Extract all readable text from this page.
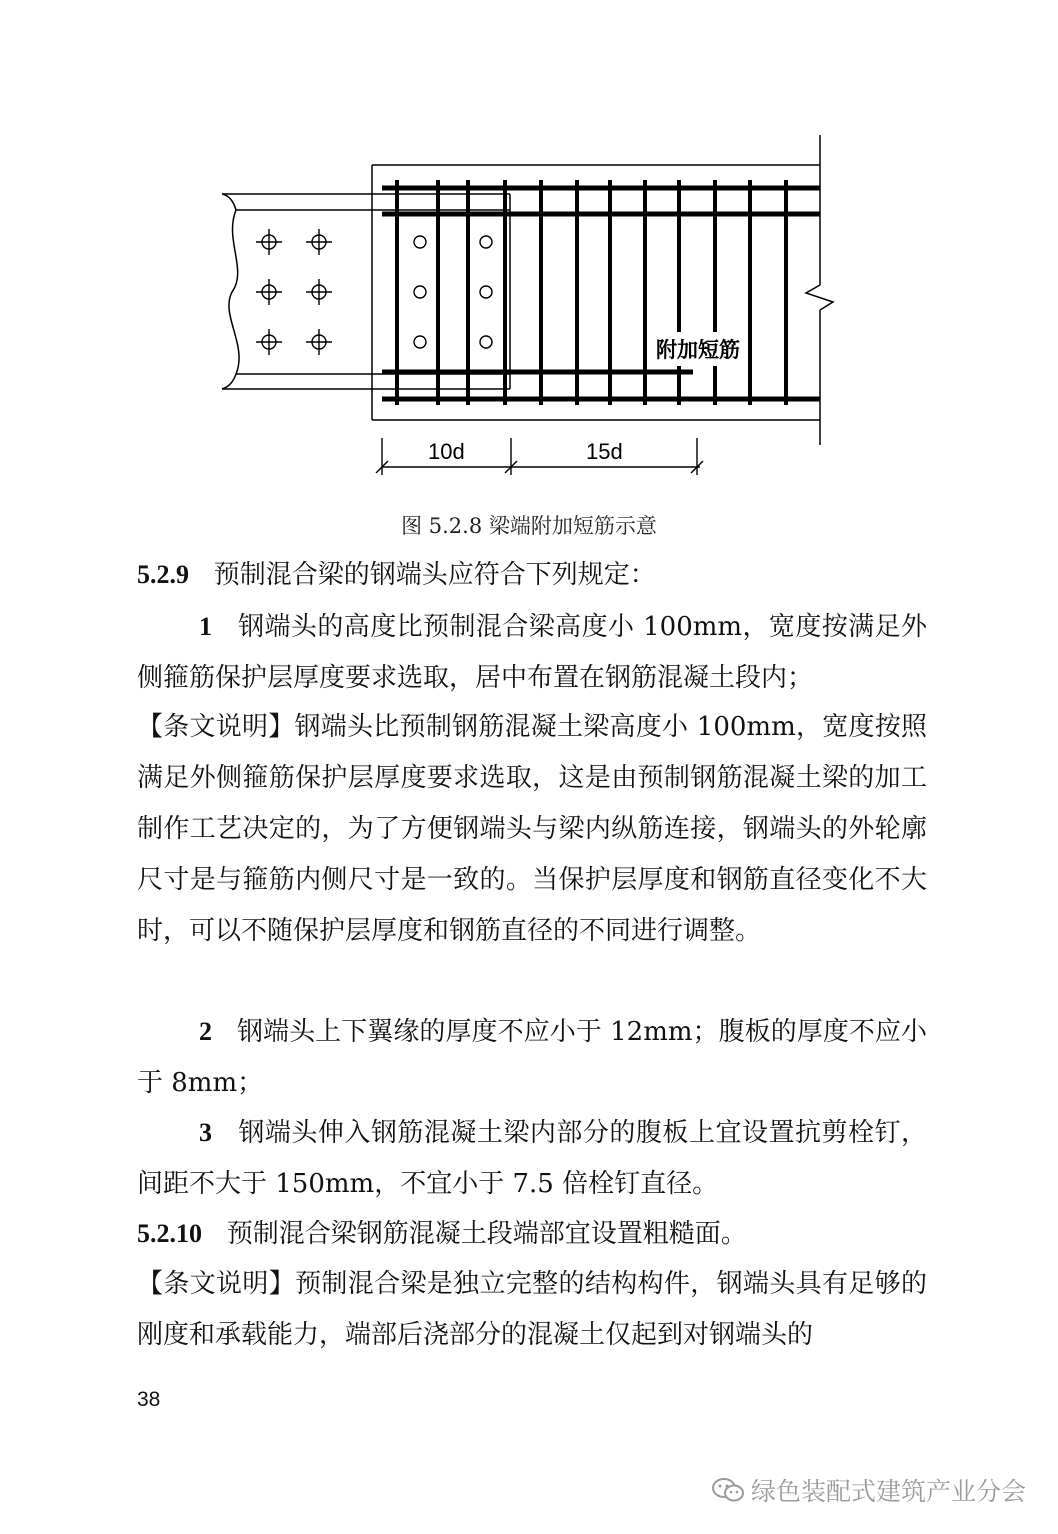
附加短筋
10d	15d
图 5.2.8 梁端附加短筋示意
5.2.9 预制混合梁的钢端头应符合下列规定：
1 钢端头的高度比预制混合梁高度小 100mm，宽度按满足外侧箍筋保护层厚度要求选取，居中布置在钢筋混凝土段内；
【条文说明】钢端头比预制钢筋混凝土梁高度小 100mm，宽度按照满足外侧箍筋保护层厚度要求选取，这是由预制钢筋混凝土梁的加工制作工艺决定的，为了方便钢端头与梁内纵筋连接，钢端头的外轮廓尺寸是与箍筋内侧尺寸是一致的。当保护层厚度和钢筋直径变化不大时，可以不随保护层厚度和钢筋直径的不同进行调整。
2 钢端头上下翼缘的厚度不应小于 12mm；腹板的厚度不应小于 8mm；
3 钢端头伸入钢筋混凝土梁内部分的腹板上宜设置抗剪栓钉，间距不大于 150mm，不宜小于 7.5 倍栓钉直径。
5.2.10 预制混合梁钢筋混凝土段端部宜设置粗糙面。
【条文说明】预制混合梁是独立完整的结构构件，钢端头具有足够的刚度和承载能力，端部后浇部分的混凝土仅起到对钢端头的
38
绿色装配式建筑产业分会
